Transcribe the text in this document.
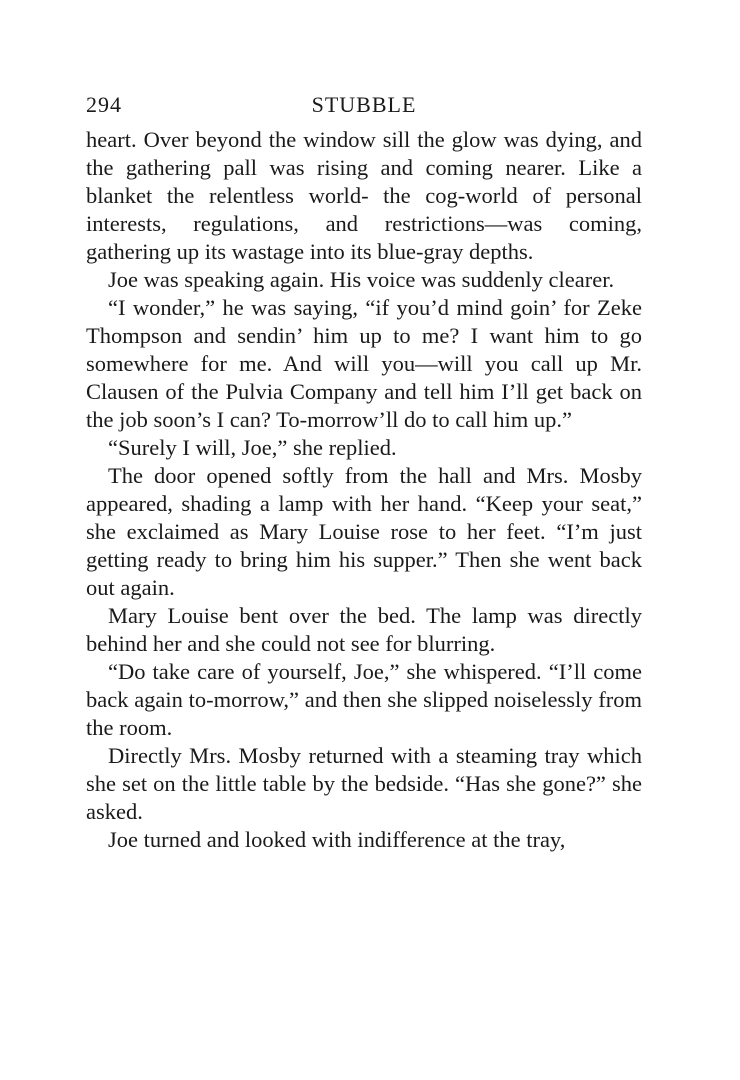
294	STUBBLE

heart. Over beyond the window sill the glow was dying, and the gathering pall was rising and coming nearer. Like a blanket the relentless world- the cog-world of personal interests, regulations, and restrictions—was coming, gathering up its wastage into its blue-gray depths.

Joe was speaking again. His voice was suddenly clearer.

“I wonder,” he was saying, “if you’d mind goin’ for Zeke Thompson and sendin’ him up to me? I want him to go somewhere for me. And will you—will you call up Mr. Clausen of the Pulvia Company and tell him I’ll get back on the job soon’s I can? To-morrow’ll do to call him up.”

“Surely I will, Joe,” she replied.

The door opened softly from the hall and Mrs. Mosby appeared, shading a lamp with her hand. “Keep your seat,” she exclaimed as Mary Louise rose to her feet. “I’m just getting ready to bring him his supper.” Then she went back out again.

Mary Louise bent over the bed. The lamp was directly behind her and she could not see for blurring.

“Do take care of yourself, Joe,” she whispered. “I’ll come back again to-morrow,” and then she slipped noiselessly from the room.

Directly Mrs. Mosby returned with a steaming tray which she set on the little table by the bedside. “Has she gone?” she asked.

Joe turned and looked with indifference at the tray,
